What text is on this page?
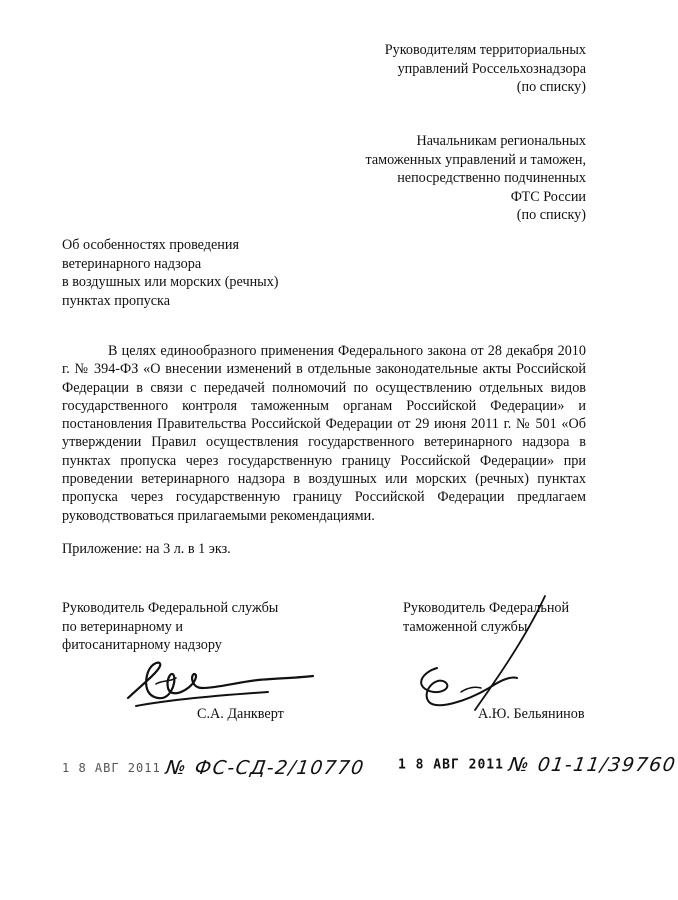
Руководителям территориальных
управлений Россельхознадзора
(по списку)
Начальникам региональных
таможенных управлений и таможен,
непосредственно подчиненных
ФТС России
(по списку)
Об особенностях проведения
ветеринарного надзора
в воздушных или морских (речных)
пунктах пропуска
В целях единообразного применения Федерального закона от 28 декабря 2010 г. № 394-ФЗ «О внесении изменений в отдельные законодательные акты Российской Федерации в связи с передачей полномочий по осуществлению отдельных видов государственного контроля таможенным органам Российской Федерации» и постановления Правительства Российской Федерации от 29 июня 2011 г. № 501 «Об утверждении Правил осуществления государственного ветеринарного надзора в пунктах пропуска через государственную границу Российской Федерации» при проведении ветеринарного надзора в воздушных или морских (речных) пунктах пропуска через государственную границу Российской Федерации предлагаем руководствоваться прилагаемыми рекомендациями.
Приложение: на 3 л. в 1 экз.
Руководитель Федеральной службы
по ветеринарному и
фитосанитарному надзору
Руководитель Федеральной
таможенной службы
С.А. Данкверт	А.Ю. Бельянинов
1 8 АВГ 2011 № ФС-СД-2/10770 1 8 АВГ 2011 № 01-11/39760
